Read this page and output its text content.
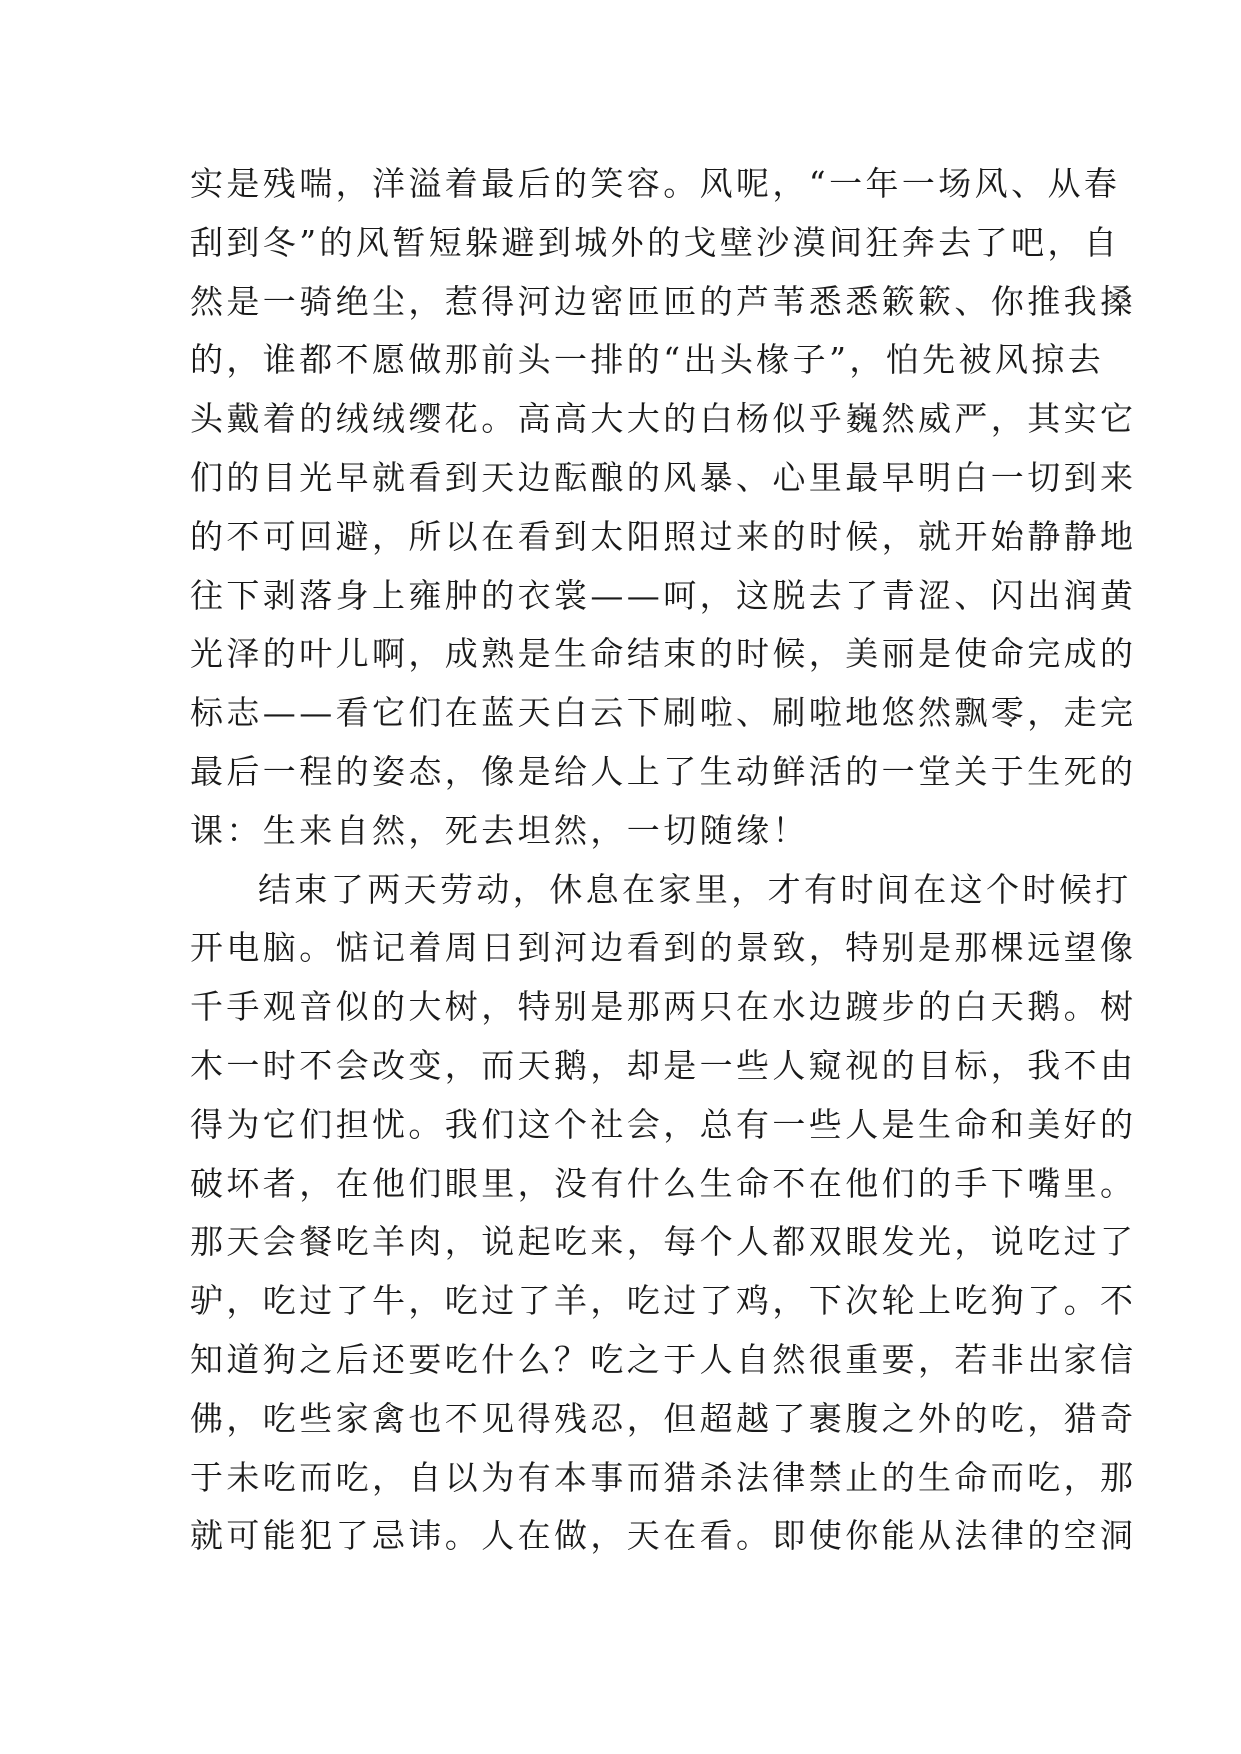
实是残喘，洋溢着最后的笑容。风呢，“一年一场风、从春
刮到冬”的风暂短躲避到城外的戈壁沙漠间狂奔去了吧，自
然是一骑绝尘，惹得河边密匝匝的芦苇悉悉簌簌、你推我搡
的，谁都不愿做那前头一排的“出头椽子”，怕先被风掠去
头戴着的绒绒缨花。高高大大的白杨似乎巍然威严，其实它
们的目光早就看到天边酝酿的风暴、心里最早明白一切到来
的不可回避，所以在看到太阳照过来的时候，就开始静静地
往下剥落身上雍肿的衣裳——呵，这脱去了青涩、闪出润黄
光泽的叶儿啊，成熟是生命结束的时候，美丽是使命完成的
标志——看它们在蓝天白云下刷啦、刷啦地悠然飘零，走完
最后一程的姿态，像是给人上了生动鲜活的一堂关于生死的
课：生来自然，死去坦然，一切随缘！
结束了两天劳动，休息在家里，才有时间在这个时候打
开电脑。惦记着周日到河边看到的景致，特别是那棵远望像
千手观音似的大树，特别是那两只在水边踱步的白天鹅。树
木一时不会改变，而天鹅，却是一些人窥视的目标，我不由
得为它们担忧。我们这个社会，总有一些人是生命和美好的
破坏者，在他们眼里，没有什么生命不在他们的手下嘴里。
那天会餐吃羊肉，说起吃来，每个人都双眼发光，说吃过了
驴，吃过了牛，吃过了羊，吃过了鸡，下次轮上吃狗了。不
知道狗之后还要吃什么？吃之于人自然很重要，若非出家信
佛，吃些家禽也不见得残忍，但超越了裹腹之外的吃，猎奇
于未吃而吃，自以为有本事而猎杀法律禁止的生命而吃，那
就可能犯了忌讳。人在做，天在看。即使你能从法律的空洞
